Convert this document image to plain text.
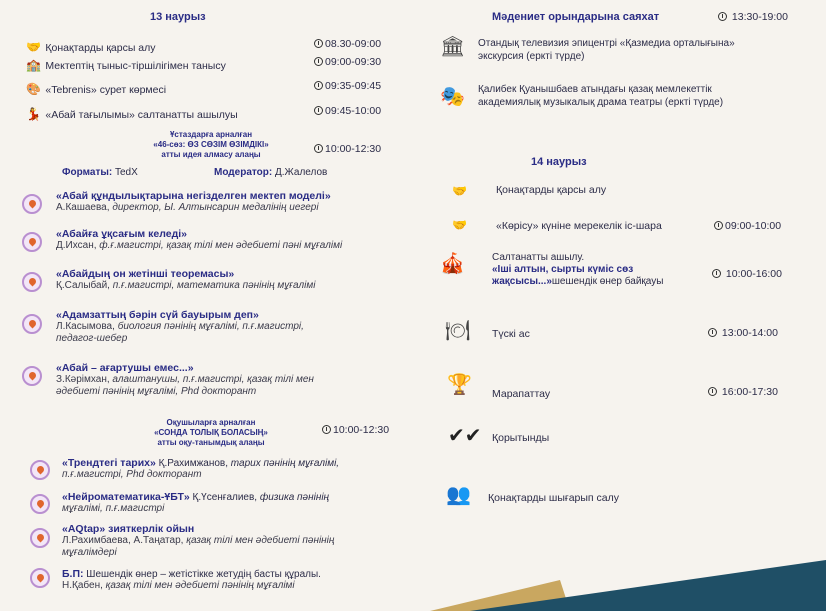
13 наурыз
🤝 Қонақтарды қарсы алу	08.30-09:00
🏫 Мектептің тыныс-тіршілігімен танысу	09:00-09:30
🎨 «Tebrenis» сурет көрмесі	09:35-09:45
💃 «Абай тағылымы» салтанатты ашылуы	09:45-10:00
Ұстаздарға арналған
«46-сөз: ӨЗ СӨЗІМ ӨЗІМДІКІ»
атты идея алмасу алаңы	10:00-12:30
Форматы: TedX	Модератор: Д.Жалелов
«Абай құндылықтарына негізделген мектеп моделі»
А.Кашаева, директор, Ы. Алтынсарин медалінің иегері
«Абайға ұқсағым келеді»
Д.Ихсан, ф.ғ.магистрі, қазақ тілі мен әдебиеті пәні мұғалімі
«Абайдың он жетінші теоремасы»
Қ.Салыбай, п.ғ.магистрі, математика пәнінің мұғалімі
«Адамзаттың бәрін сүй бауырым деп»
Л.Касымова, биология пәнінің мұғалімі, п.ғ.магистрі,
педагог-шебер
«Абай – ағартушы емес...»
З.Кәрімхан, алаштанушы, п.ғ.магистрі, қазақ тілі мен
әдебиеті пәнінің мұғалімі, Phd докторант
Оқушыларға арналған
«СОНДА ТОЛЫҚ БОЛАСЫҢ»
атты оқу-танымдық алаңы
10:00-12:30
«Трендтегі тарих» Қ.Рахимжанов, тарих пәнінің мұғалімі,
п.ғ.магистрі, Phd докторант
«Нейроматематика-ҰБТ» Қ.Үсенғалиев, физика пәнінің
мұғалімі, п.ғ.магистрі
«AQtap» зияткерлік ойын
Л.Рахимбаева, А.Таңатар, қазақ тілі мен әдебиеті пәнінің
мұғалімдері
Б.П: Шешендік өнер – жетістікке жетудің басты құралы.
Н.Қабен, қазақ тілі мен әдебиеті пәнінің мұғалімі
Мәдениет орындарына саяхат	13:30-19:00
🏛 Отандық телевизия эпицентрі «Қазмедиа орталығына»
экскурсия (еркті түрде)
🎭 Қалибек Қуанышбаев атындағы қазақ мемлекеттік
академиялық музыкалық драма театры (еркті түрде)
14 наурыз
🤝	Қонақтарды қарсы алу
🤝	«Көрісу» күніне мерекелік іс-шара	09:00-10:00
🎪	Салтанатты ашылу.
«Іші алтын, сырты күміс сөз
жақсысы...»шешендік өнер байқауы
10:00-16:00
🍽 Түскі ас	13:00-14:00
🏆 Марапаттау	16:00-17:30
✔✔ Қорытынды
👥 Қонақтарды шығарып салу
